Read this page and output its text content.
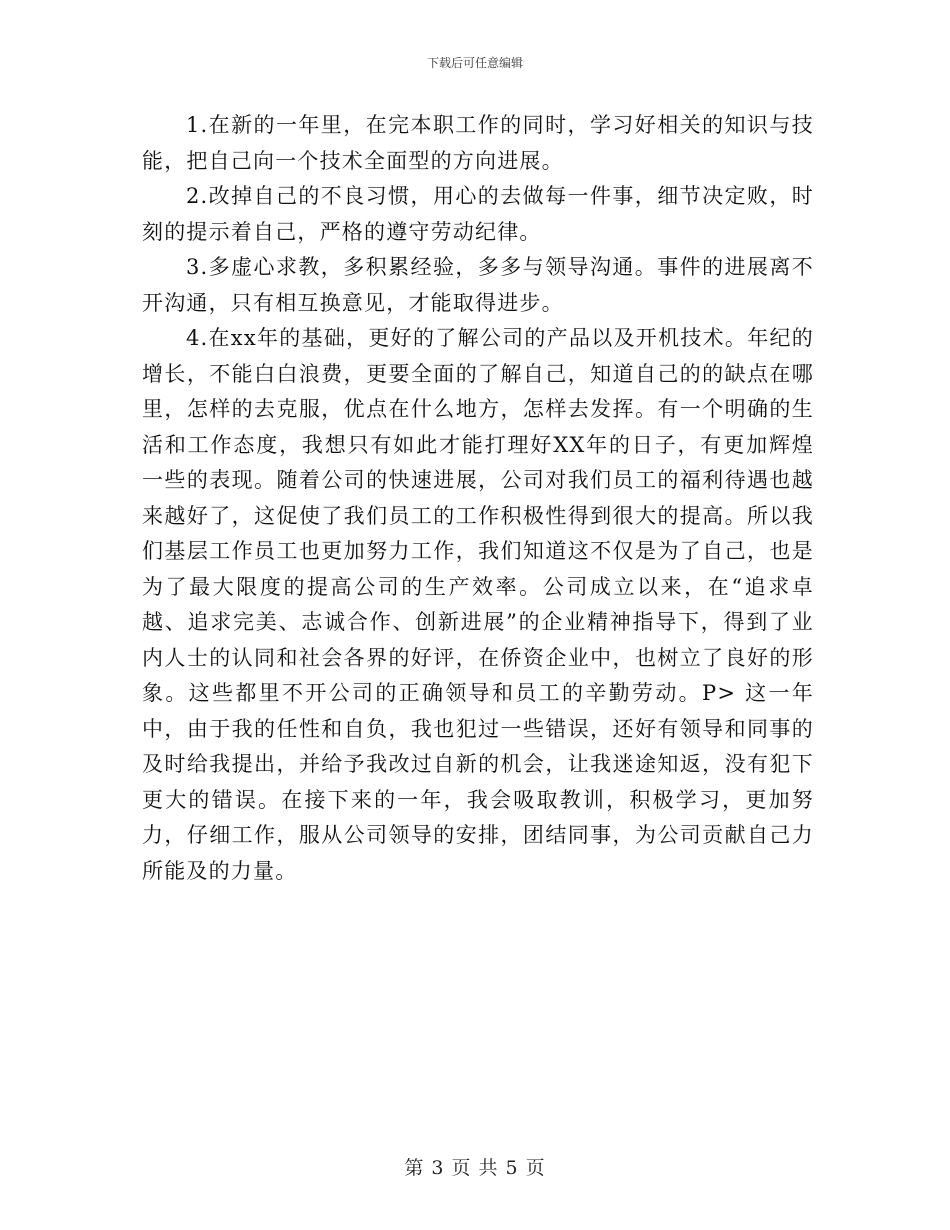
下载后可任意编辑

1.在新的一年里，在完本职工作的同时，学习好相关的知识与技能，把自己向一个技术全面型的方向进展。

2.改掉自己的不良习惯，用心的去做每一件事，细节决定败，时刻的提示着自己，严格的遵守劳动纪律。

3.多虚心求教，多积累经验，多多与领导沟通。事件的进展离不开沟通，只有相互换意见，才能取得进步。

4.在xx年的基础，更好的了解公司的产品以及开机技术。年纪的增长，不能白白浪费，更要全面的了解自己，知道自己的的缺点在哪里，怎样的去克服，优点在什么地方，怎样去发挥。有一个明确的生活和工作态度，我想只有如此才能打理好XX年的日子，有更加辉煌一些的表现。随着公司的快速进展，公司对我们员工的福利待遇也越来越好了，这促使了我们员工的工作积极性得到很大的提高。所以我们基层工作员工也更加努力工作，我们知道这不仅是为了自己，也是为了最大限度的提高公司的生产效率。公司成立以来，在“追求卓越、追求完美、志诚合作、创新进展”的企业精神指导下，得到了业内人士的认同和社会各界的好评，在侨资企业中，也树立了良好的形象。这些都里不开公司的正确领导和员工的辛勤劳动。P> 这一年中，由于我的任性和自负，我也犯过一些错误，还好有领导和同事的及时给我提出，并给予我改过自新的机会，让我迷途知返，没有犯下更大的错误。在接下来的一年，我会吸取教训，积极学习，更加努力，仔细工作，服从公司领导的安排，团结同事，为公司贡献自己力所能及的力量。

第 3 页 共 5 页
